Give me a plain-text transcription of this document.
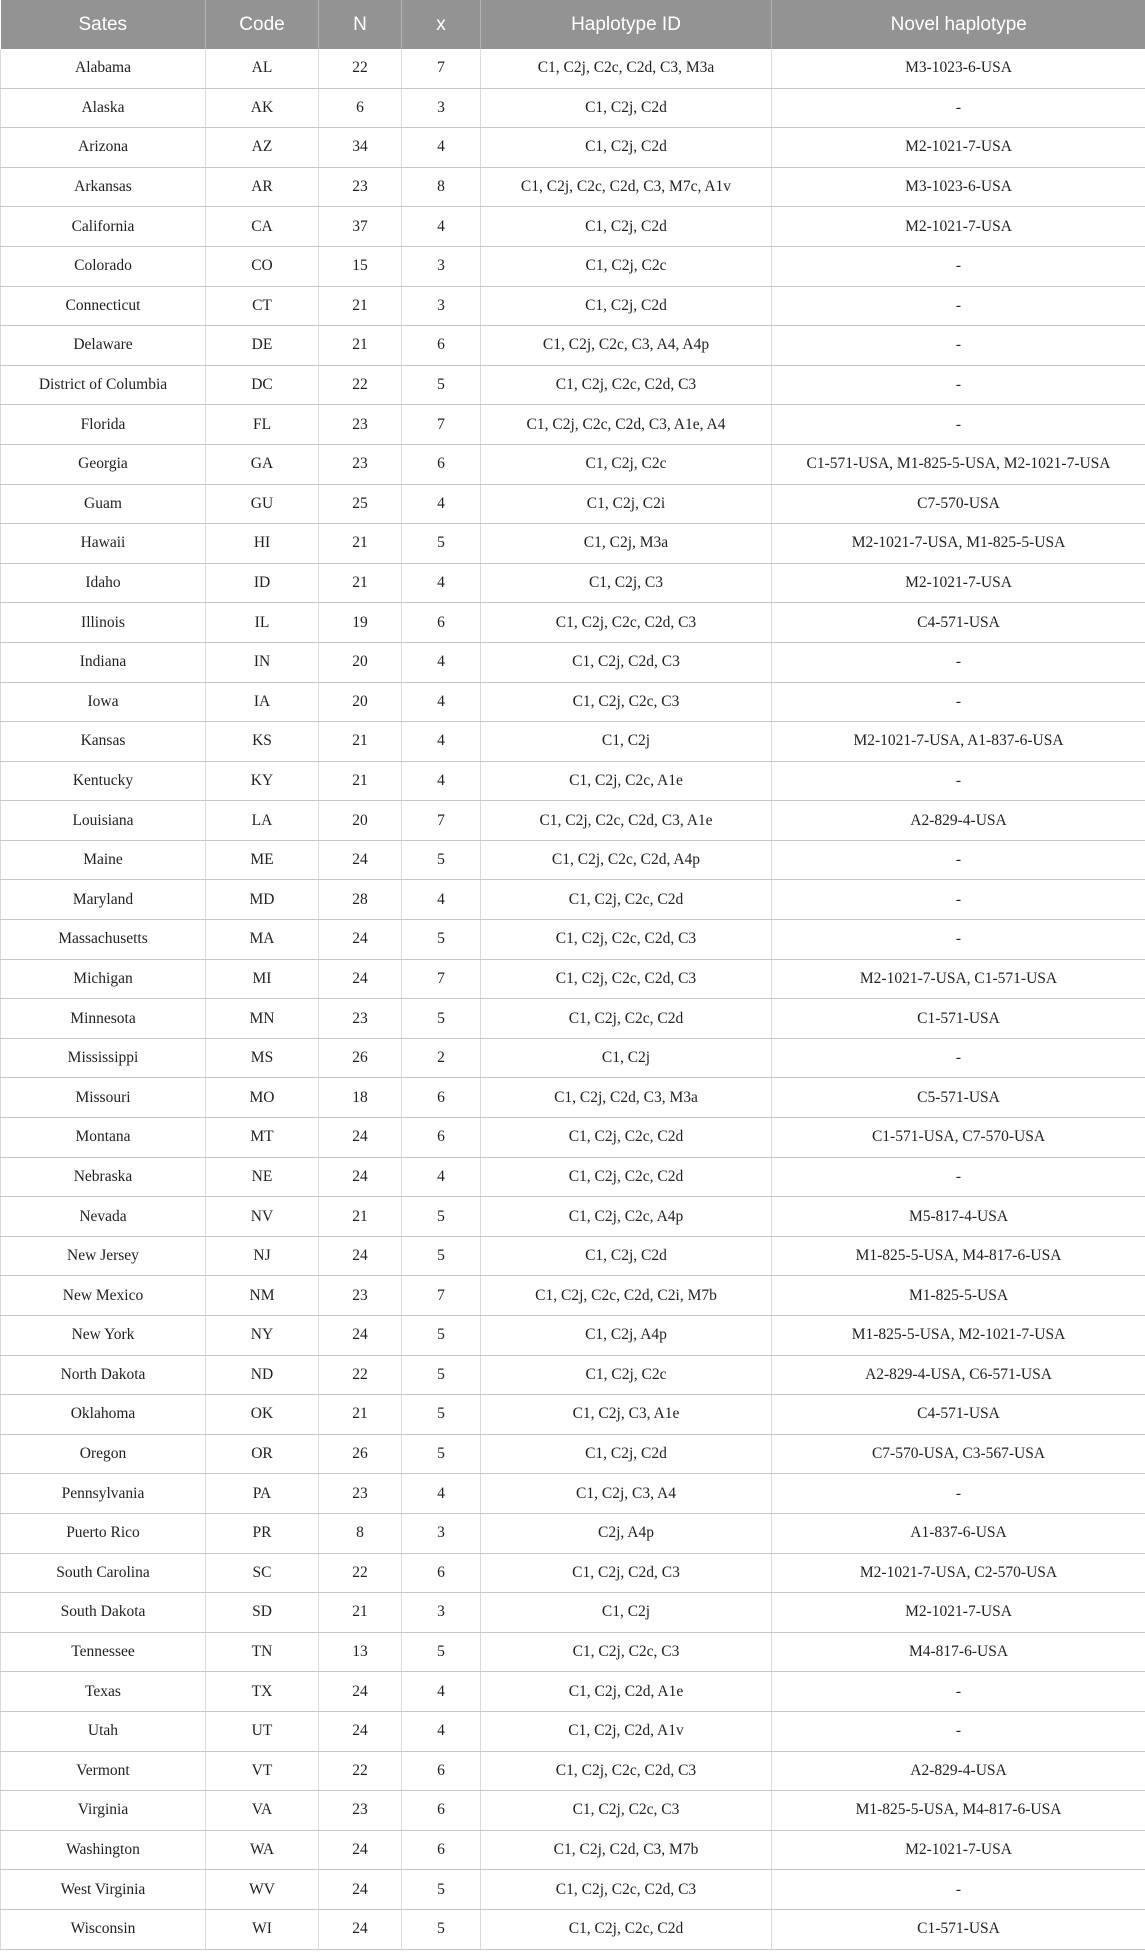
Sates	Code	N	x	Haplotype ID	Novel haplotype
Alabama	AL	22	7	C1, C2j, C2c, C2d, C3, M3a	M3-1023-6-USA
Alaska	AK	6	3	C1, C2j, C2d	-
Arizona	AZ	34	4	C1, C2j, C2d	M2-1021-7-USA
Arkansas	AR	23	8	C1, C2j, C2c, C2d, C3, M7c, A1v	M3-1023-6-USA
California	CA	37	4	C1, C2j, C2d	M2-1021-7-USA
Colorado	CO	15	3	C1, C2j, C2c	-
Connecticut	CT	21	3	C1, C2j, C2d	-
Delaware	DE	21	6	C1, C2j, C2c, C3, A4, A4p	-
District of Columbia	DC	22	5	C1, C2j, C2c, C2d, C3	-
Florida	FL	23	7	C1, C2j, C2c, C2d, C3, A1e, A4	-
Georgia	GA	23	6	C1, C2j, C2c	C1-571-USA, M1-825-5-USA, M2-1021-7-USA
Guam	GU	25	4	C1, C2j, C2i	C7-570-USA
Hawaii	HI	21	5	C1, C2j, M3a	M2-1021-7-USA, M1-825-5-USA
Idaho	ID	21	4	C1, C2j, C3	M2-1021-7-USA
Illinois	IL	19	6	C1, C2j, C2c, C2d, C3	C4-571-USA
Indiana	IN	20	4	C1, C2j, C2d, C3	-
Iowa	IA	20	4	C1, C2j, C2c, C3	-
Kansas	KS	21	4	C1, C2j	M2-1021-7-USA, A1-837-6-USA
Kentucky	KY	21	4	C1, C2j, C2c, A1e	-
Louisiana	LA	20	7	C1, C2j, C2c, C2d, C3, A1e	A2-829-4-USA
Maine	ME	24	5	C1, C2j, C2c, C2d, A4p	-
Maryland	MD	28	4	C1, C2j, C2c, C2d	-
Massachusetts	MA	24	5	C1, C2j, C2c, C2d, C3	-
Michigan	MI	24	7	C1, C2j, C2c, C2d, C3	M2-1021-7-USA, C1-571-USA
Minnesota	MN	23	5	C1, C2j, C2c, C2d	C1-571-USA
Mississippi	MS	26	2	C1, C2j	-
Missouri	MO	18	6	C1, C2j, C2d, C3, M3a	C5-571-USA
Montana	MT	24	6	C1, C2j, C2c, C2d	C1-571-USA, C7-570-USA
Nebraska	NE	24	4	C1, C2j, C2c, C2d	-
Nevada	NV	21	5	C1, C2j, C2c, A4p	M5-817-4-USA
New Jersey	NJ	24	5	C1, C2j, C2d	M1-825-5-USA, M4-817-6-USA
New Mexico	NM	23	7	C1, C2j, C2c, C2d, C2i, M7b	M1-825-5-USA
New York	NY	24	5	C1, C2j, A4p	M1-825-5-USA, M2-1021-7-USA
North Dakota	ND	22	5	C1, C2j, C2c	A2-829-4-USA, C6-571-USA
Oklahoma	OK	21	5	C1, C2j, C3, A1e	C4-571-USA
Oregon	OR	26	5	C1, C2j, C2d	C7-570-USA, C3-567-USA
Pennsylvania	PA	23	4	C1, C2j, C3, A4	-
Puerto Rico	PR	8	3	C2j, A4p	A1-837-6-USA
South Carolina	SC	22	6	C1, C2j, C2d, C3	M2-1021-7-USA, C2-570-USA
South Dakota	SD	21	3	C1, C2j	M2-1021-7-USA
Tennessee	TN	13	5	C1, C2j, C2c, C3	M4-817-6-USA
Texas	TX	24	4	C1, C2j, C2d, A1e	-
Utah	UT	24	4	C1, C2j, C2d, A1v	-
Vermont	VT	22	6	C1, C2j, C2c, C2d, C3	A2-829-4-USA
Virginia	VA	23	6	C1, C2j, C2c, C3	M1-825-5-USA, M4-817-6-USA
Washington	WA	24	6	C1, C2j, C2d, C3, M7b	M2-1021-7-USA
West Virginia	WV	24	5	C1, C2j, C2c, C2d, C3	-
Wisconsin	WI	24	5	C1, C2j, C2c, C2d	C1-571-USA
